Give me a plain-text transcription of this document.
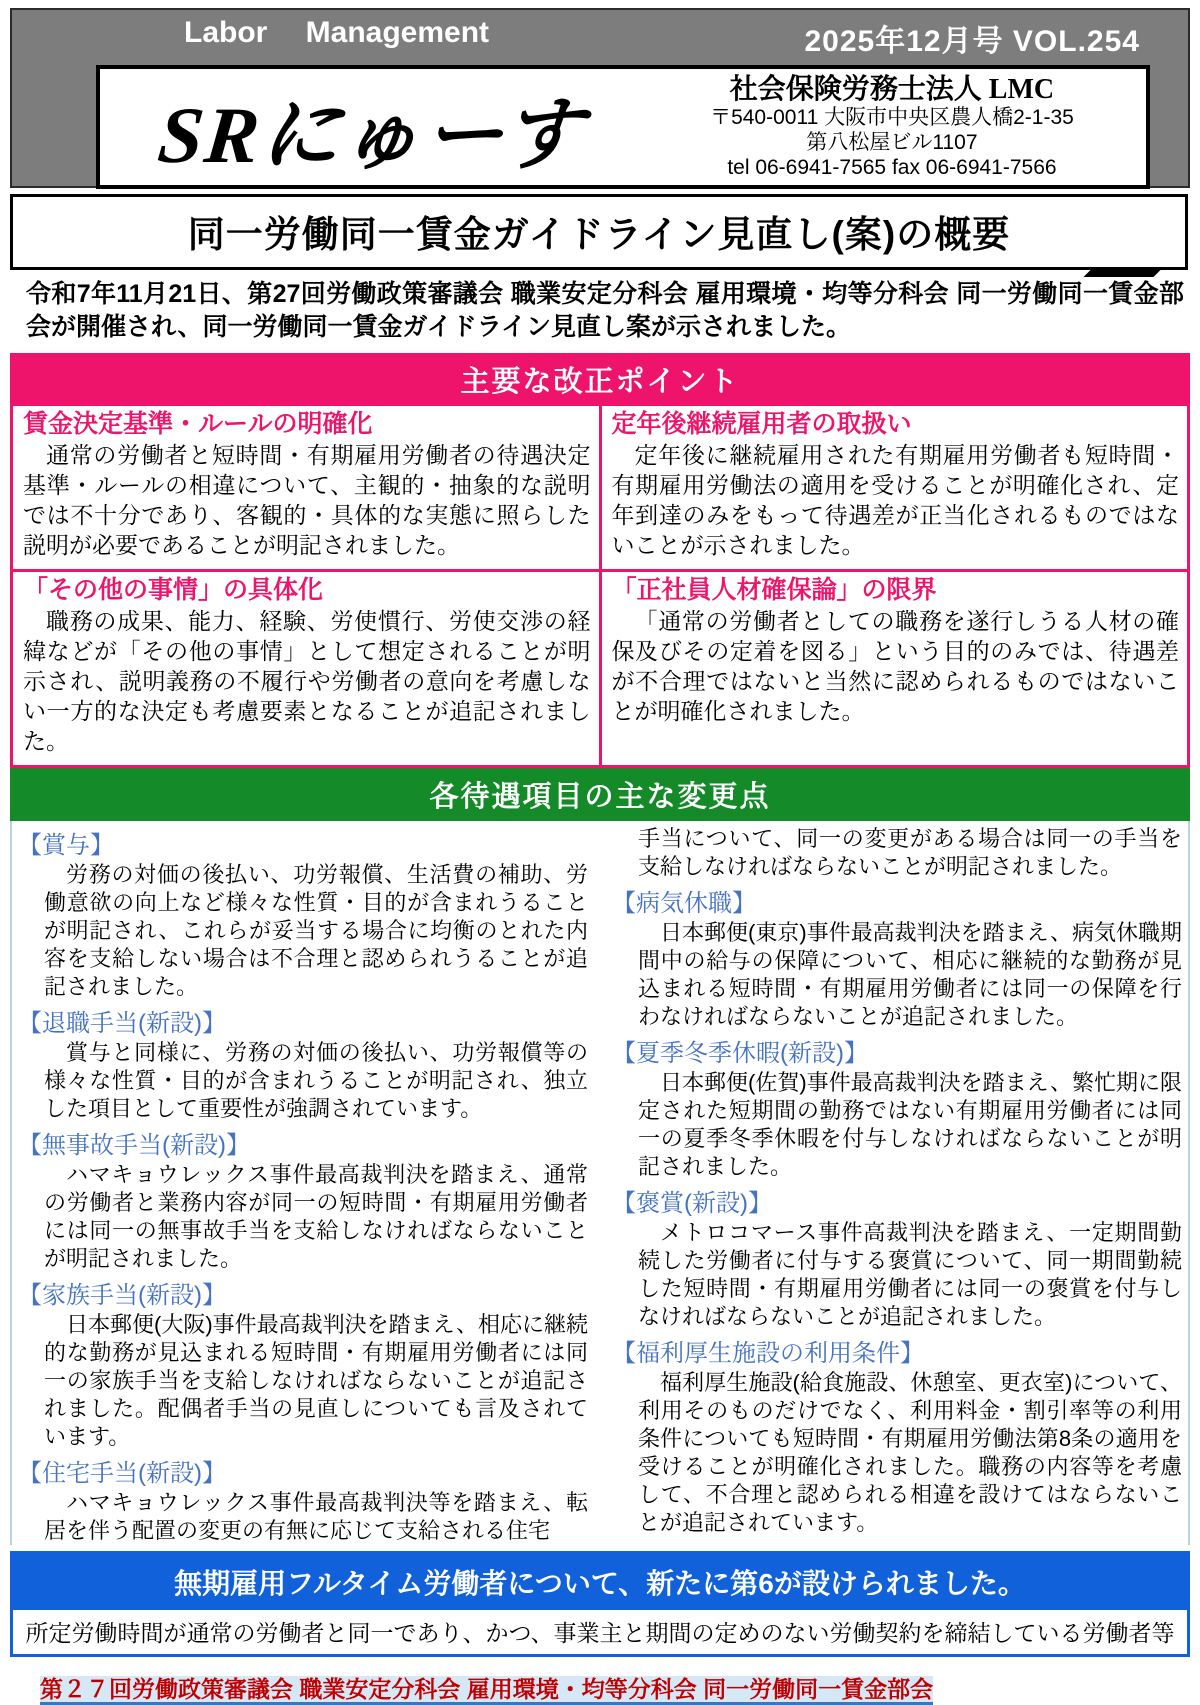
Labor Management	2025年12月号 VOL.254
SRにゅーす
社会保険労務士法人 LMC
〒540-0011 大阪市中央区農人橋2-1-35
第八松屋ビル1107
tel 06-6941-7565 fax 06-6941-7566
同一労働同一賃金ガイドライン見直し(案)の概要

令和7年11月21日、第27回労働政策審議会 職業安定分科会 雇用環境・均等分科会 同一労働同一賃金部会が開催され、同一労働同一賃金ガイドライン見直し案が示されました。

主要な改正ポイント
賃金決定基準・ルールの明確化

通常の労働者と短時間・有期雇用労働者の待遇決定基準・ルールの相違について、主観的・抽象的な説明では不十分であり、客観的・具体的な実態に照らした説明が必要であることが明記されました。

定年後継続雇用者の取扱い

定年後に継続雇用された有期雇用労働者も短時間・有期雇用労働法の適用を受けることが明確化され、定年到達のみをもって待遇差が正当化されるものではないことが示されました。

「その他の事情」の具体化

職務の成果、能力、経験、労使慣行、労使交渉の経緯などが「その他の事情」として想定されることが明示され、説明義務の不履行や労働者の意向を考慮しない一方的な決定も考慮要素となることが追記されました。

「正社員人材確保論」の限界

「通常の労働者としての職務を遂行しうる人材の確保及びその定着を図る」という目的のみでは、待遇差が不合理ではないと当然に認められるものではないことが明確化されました。

各待遇項目の主な変更点
【賞与】

労務の対価の後払い、功労報償、生活費の補助、労働意欲の向上など様々な性質・目的が含まれうることが明記され、これらが妥当する場合に均衡のとれた内容を支給しない場合は不合理と認められうることが追記されました。

【退職手当(新設)】

賞与と同様に、労務の対価の後払い、功労報償等の様々な性質・目的が含まれうることが明記され、独立した項目として重要性が強調されています。

【無事故手当(新設)】

ハマキョウレックス事件最高裁判決を踏まえ、通常の労働者と業務内容が同一の短時間・有期雇用労働者には同一の無事故手当を支給しなければならないことが明記されました。

【家族手当(新設)】

日本郵便(大阪)事件最高裁判決を踏まえ、相応に継続的な勤務が見込まれる短時間・有期雇用労働者には同一の家族手当を支給しなければならないことが追記されました。配偶者手当の見直しについても言及されています。

【住宅手当(新設)】

ハマキョウレックス事件最高裁判決等を踏まえ、転居を伴う配置の変更の有無に応じて支給される住宅

手当について、同一の変更がある場合は同一の手当を支給しなければならないことが明記されました。

【病気休職】

日本郵便(東京)事件最高裁判決を踏まえ、病気休職期間中の給与の保障について、相応に継続的な勤務が見込まれる短時間・有期雇用労働者には同一の保障を行わなければならないことが追記されました。

【夏季冬季休暇(新設)】

日本郵便(佐賀)事件最高裁判決を踏まえ、繁忙期に限定された短期間の勤務ではない有期雇用労働者には同一の夏季冬季休暇を付与しなければならないことが明記されました。

【褒賞(新設)】

メトロコマース事件高裁判決を踏まえ、一定期間勤続した労働者に付与する褒賞について、同一期間勤続した短時間・有期雇用労働者には同一の褒賞を付与しなければならないことが追記されました。

【福利厚生施設の利用条件】

福利厚生施設(給食施設、休憩室、更衣室)について、利用そのものだけでなく、利用料金・割引率等の利用条件についても短時間・有期雇用労働法第8条の適用を受けることが明確化されました。職務の内容等を考慮して、不合理と認められる相違を設けてはならないことが追記されています。

無期雇用フルタイム労働者について、新たに第6が設けられました。
所定労働時間が通常の労働者と同一であり、かつ、事業主と期間の定めのない労働契約を締結している労働者等
第２７回労働政策審議会 職業安定分科会 雇用環境・均等分科会 同一労働同一賃金部会
